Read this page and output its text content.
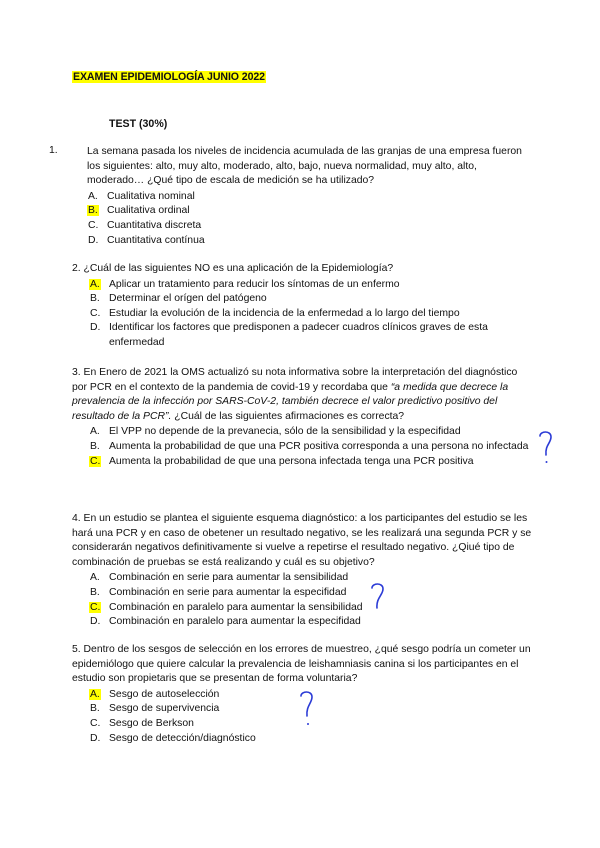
EXAMEN EPIDEMIOLOGÍA JUNIO 2022
TEST (30%)
1.	La semana pasada los niveles de incidencia acumulada de las granjas de una empresa fueron los siguientes: alto, muy alto, moderado, alto, bajo, nueva normalidad, muy alto, alto, moderado… ¿Qué tipo de escala de medición se ha utilizado?
A. Cualitativa nominal
B. Cualitativa ordinal
C. Cuantitativa discreta
D. Cuantitativa contínua
2. ¿Cuál de las siguientes NO es una aplicación de la Epidemiología?
A. Aplicar un tratamiento para reducir los síntomas de un enfermo
B. Determinar el orígen del patógeno
C. Estudiar la evolución de la incidencia de la enfermedad a lo largo del tiempo
D. Identificar los factores que predisponen a padecer cuadros clínicos graves de esta enfermedad
3. En Enero de 2021 la OMS actualizó su nota informativa sobre la interpretación del diagnóstico por PCR en el contexto de la pandemia de covid-19 y recordaba que “a medida que decrece la prevalencia de la infección por SARS-CoV-2, también decrece el valor predictivo positivo del resultado de la PCR”. ¿Cuál de las siguientes afirmaciones es correcta?
A. El VPP no depende de la prevanecia, sólo de la sensibilidad y la especifidad
B. Aumenta la probabilidad de que una PCR positiva corresponda a una persona no infectada
C. Aumenta la probabilidad de que una persona infectada tenga una PCR positiva
4. En un estudio se plantea el siguiente esquema diagnóstico: a los participantes del estudio se les hará una PCR y en caso de obetener un resultado negativo, se les realizará una segunda PCR y se considerarán negativos definitivamente si vuelve a repetirse el resultado negativo. ¿Qiué tipo de combinación de pruebas se está realizando y cuál es su objetivo?
A. Combinación en serie para aumentar la sensibilidad
B. Combinación en serie para aumentar la especifidad
C. Combinación en paralelo para aumentar la sensibilidad
D. Combinación en paralelo para aumentar la especifidad
5. Dentro de los sesgos de selección en los errores de muestreo, ¿qué sesgo podría un cometer un epidemiólogo que quiere calcular la prevalencia de leishamniasis canina si los participantes en el estudio son propietaris que se presentan de forma voluntaria?
A. Sesgo de autoselección
B. Sesgo de supervivencia
C. Sesgo de Berkson
D. Sesgo de detección/diagnóstico
